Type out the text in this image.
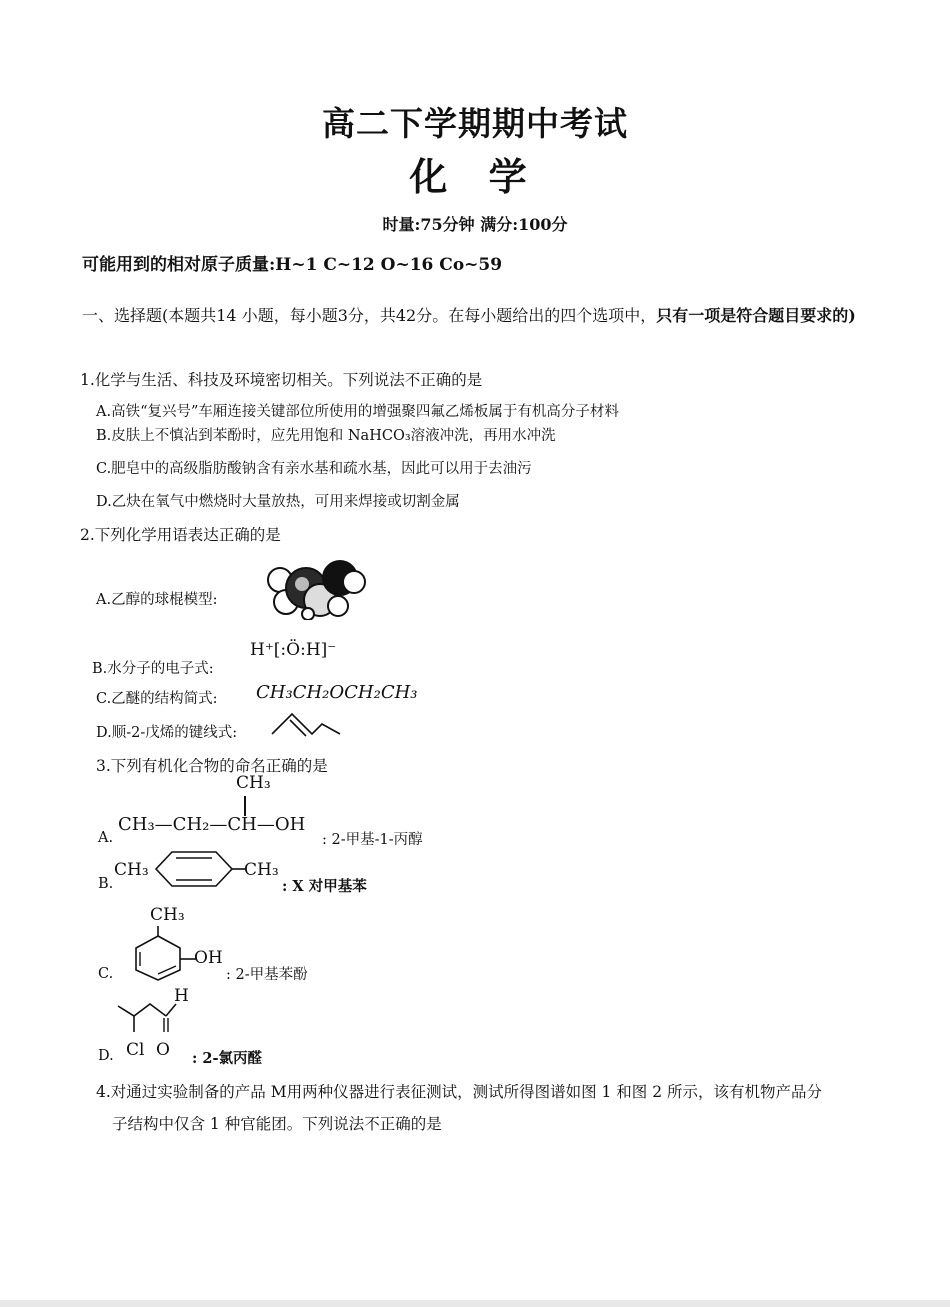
高二下学期期中考试
化 学
时量:75分钟 满分:100分
可能用到的相对原子质量:H~1 C~12 O~16 Co~59
一、选择题(本题共14 小题，每小题3分，共42分。在每小题给出的四个选项中，只有一项是符合题目要求的)
1.化学与生活、科技及环境密切相关。下列说法不正确的是
A.高铁“复兴号”车厢连接关键部位所使用的增强聚四氟乙烯板属于有机高分子材料
B.皮肤上不慎沾到苯酚时，应先用饱和 NaHCO₃溶液冲洗，再用水冲洗
C.肥皂中的高级脂肪酸钠含有亲水基和疏水基，因此可以用于去油污
D.乙炔在氧气中燃烧时大量放热，可用来焊接或切割金属
2.下列化学用语表达正确的是
A.乙醇的球棍模型:
B.水分子的电子式:
H⁺[:Ö:H]⁻
C.乙醚的结构简式: CH₃CH₂OCH₂CH₃
D.顺-2-戊烯的键线式:
3.下列有机化合物的命名正确的是
A.
CH₃
CH₃—CH₂—CH—OH
: 2-甲基-1-丙醇
B.
CH₃	CH₃
: X 对甲基苯
CH₃
OH
C.	: 2-甲基苯酚
H
Cl O
D.	: 2-氯丙醛
4.对通过实验制备的产品 M用两种仪器进行表征测试，测试所得图谱如图 1 和图 2 所示，该有机物产品分
子结构中仅含 1 种官能团。下列说法不正确的是
